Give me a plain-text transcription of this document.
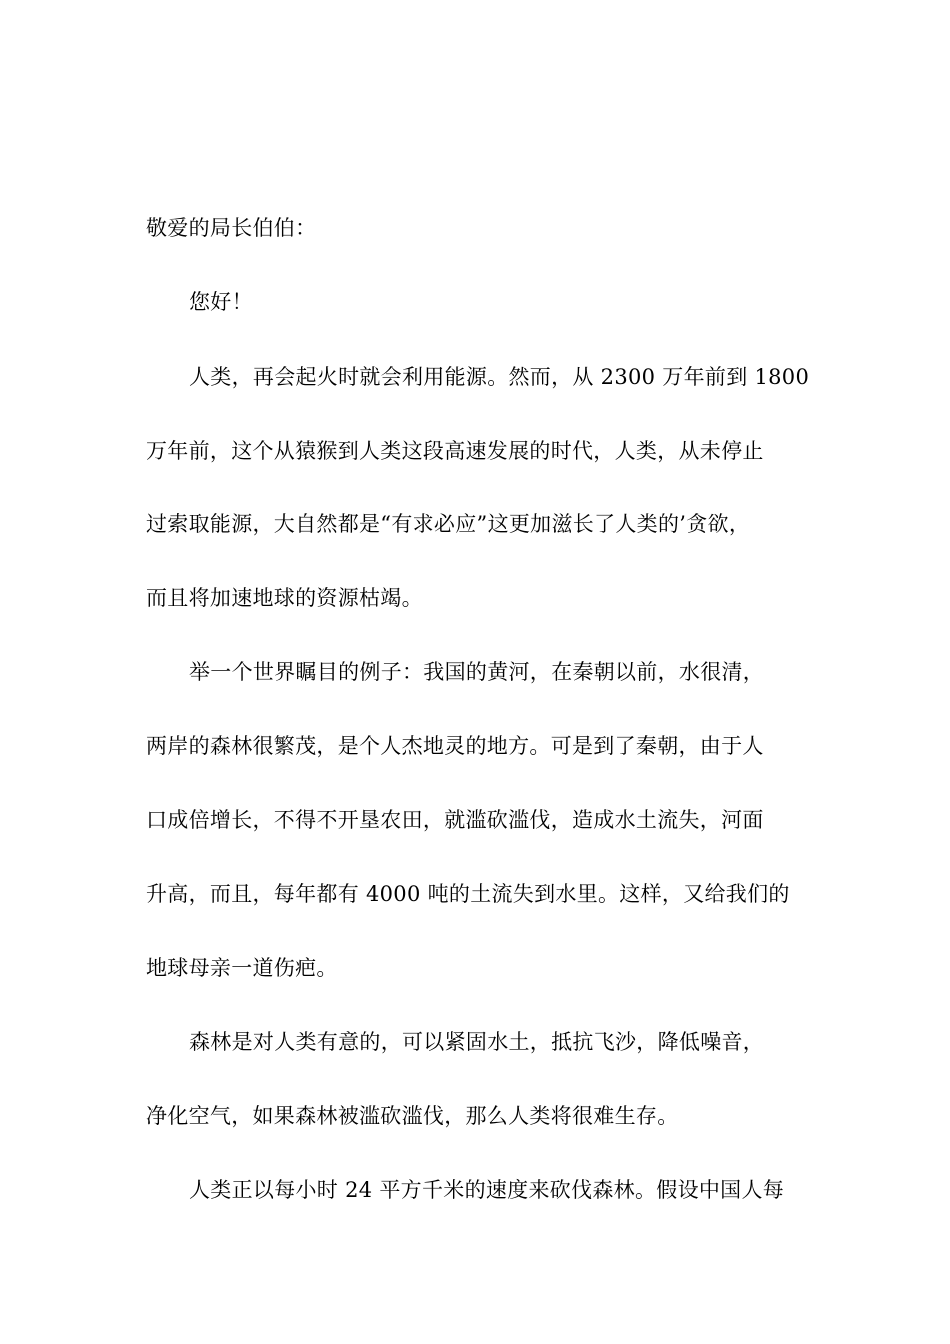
敬爱的局长伯伯：
您好！
人类，再会起火时就会利用能源。然而，从 2300 万年前到 1800
万年前，这个从猿猴到人类这段高速发展的时代，人类，从未停止
过索取能源，大自然都是“有求必应”这更加滋长了人类的’贪欲，
而且将加速地球的资源枯竭。
举一个世界瞩目的例子：我国的黄河，在秦朝以前，水很清，
两岸的森林很繁茂，是个人杰地灵的地方。可是到了秦朝，由于人
口成倍增长，不得不开垦农田，就滥砍滥伐，造成水土流失，河面
升高，而且，每年都有 4000 吨的土流失到水里。这样，又给我们的
地球母亲一道伤疤。
森林是对人类有意的，可以紧固水土，抵抗飞沙，降低噪音，
净化空气，如果森林被滥砍滥伐，那么人类将很难生存。
人类正以每小时 24 平方千米的速度来砍伐森林。假设中国人每
